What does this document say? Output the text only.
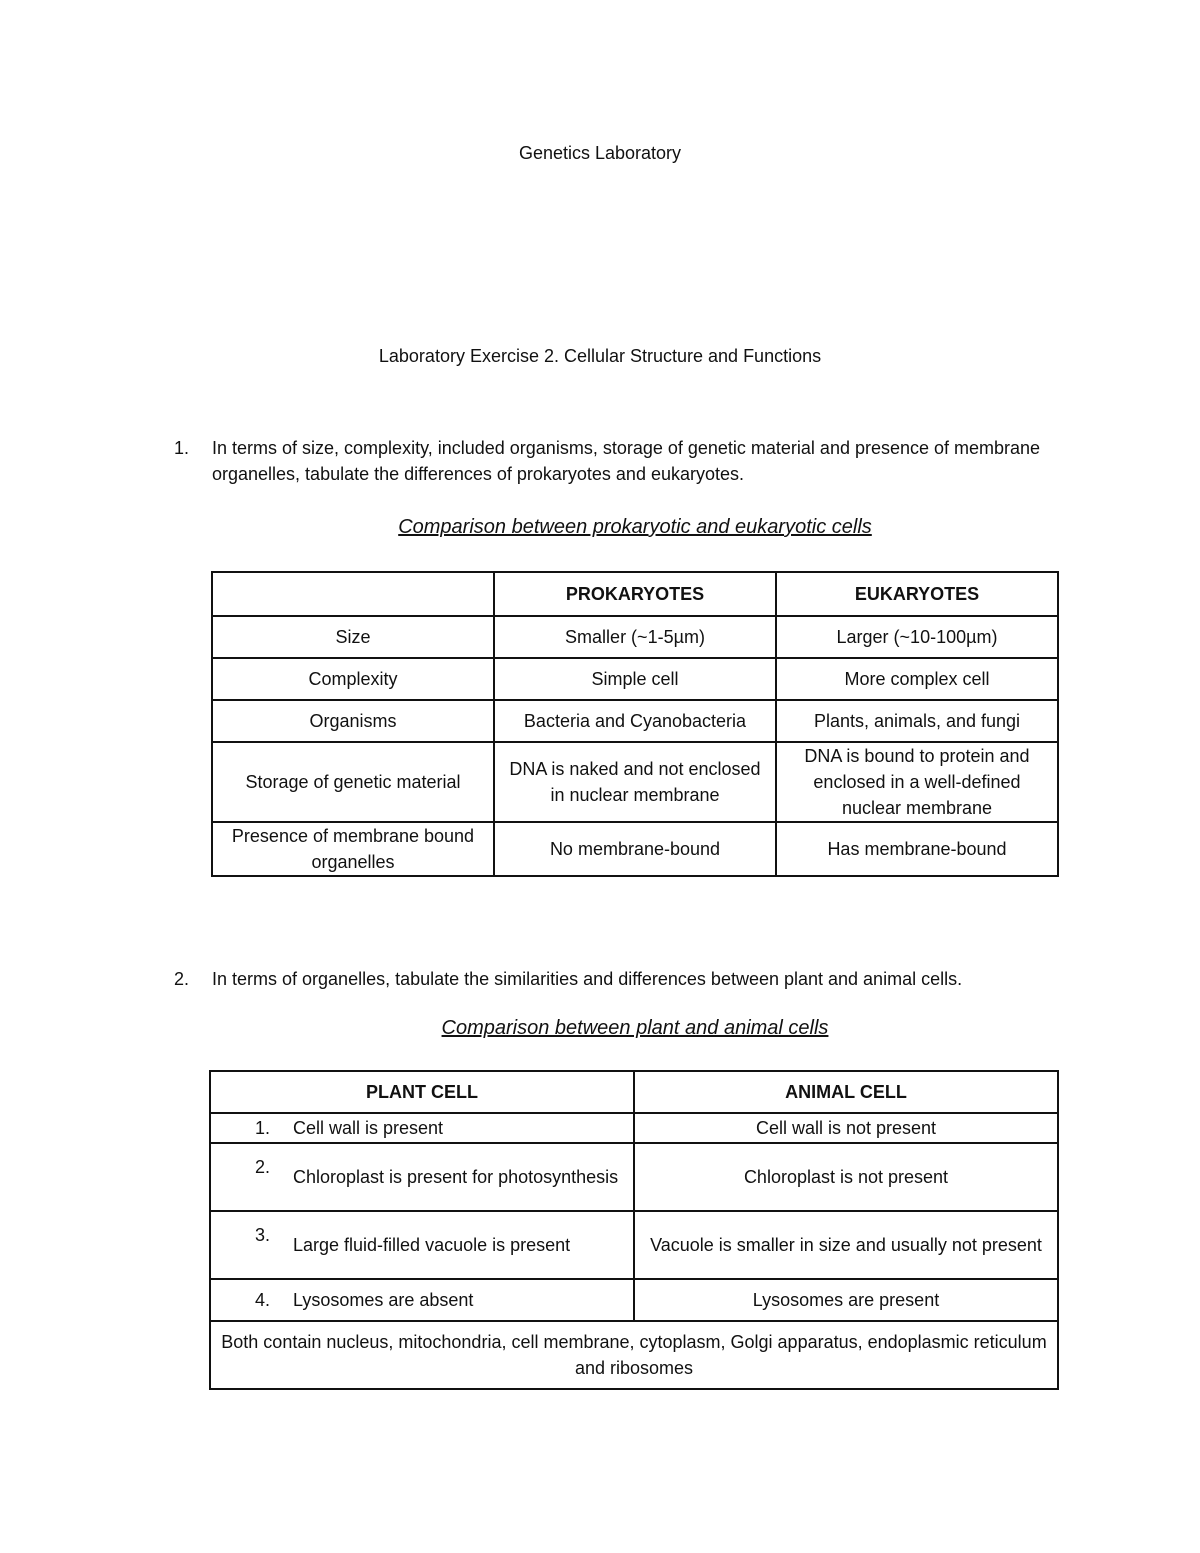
Genetics Laboratory
Laboratory Exercise 2. Cellular Structure and Functions
1. In terms of size, complexity, included organisms, storage of genetic material and presence of membrane organelles, tabulate the differences of prokaryotes and eukaryotes.
Comparison between prokaryotic and eukaryotic cells
	PROKARYOTES	EUKARYOTES
Size	Smaller (~1-5µm)	Larger (~10-100µm)
Complexity	Simple cell	More complex cell
Organisms	Bacteria and Cyanobacteria	Plants, animals, and fungi
Storage of genetic material	DNA is naked and not enclosed in nuclear membrane	DNA is bound to protein and enclosed in a well-defined nuclear membrane
Presence of membrane bound organelles	No membrane-bound	Has membrane-bound
2. In terms of organelles, tabulate the similarities and differences between plant and animal cells.
Comparison between plant and animal cells
PLANT CELL	ANIMAL CELL

1. Cell wall is present	Cell wall is not present

2. Chloroplast is present for photosynthesis	Chloroplast is not present

3. Large fluid-filled vacuole is present	Vacuole is smaller in size and usually not present

4. Lysosomes are absent	Lysosomes are present
Both contain nucleus, mitochondria, cell membrane, cytoplasm, Golgi apparatus, endoplasmic reticulum and ribosomes	
